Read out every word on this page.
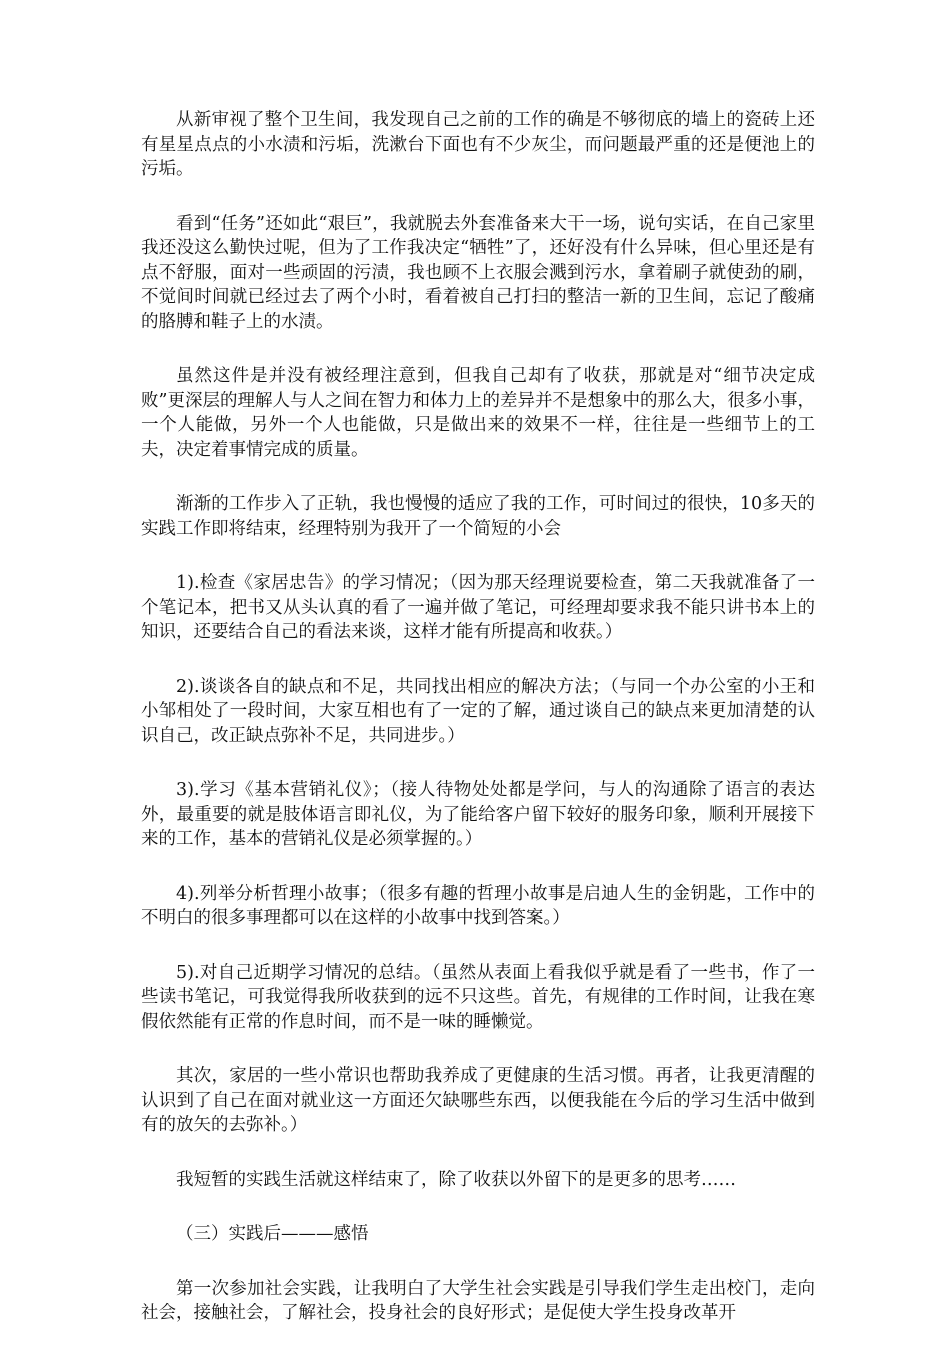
从新审视了整个卫生间，我发现自己之前的工作的确是不够彻底的墙上的瓷砖上还有星星点点的小水渍和污垢，洗漱台下面也有不少灰尘，而问题最严重的还是便池上的污垢。

看到“任务”还如此“艰巨”，我就脱去外套准备来大干一场，说句实话，在自己家里我还没这么勤快过呢，但为了工作我决定“牺牲”了，还好没有什么异味，但心里还是有点不舒服，面对一些顽固的污渍，我也顾不上衣服会溅到污水，拿着刷子就使劲的刷，不觉间时间就已经过去了两个小时，看着被自己打扫的整洁一新的卫生间，忘记了酸痛的胳膊和鞋子上的水渍。

虽然这件是并没有被经理注意到，但我自己却有了收获，那就是对“细节决定成败”更深层的理解人与人之间在智力和体力上的差异并不是想象中的那么大，很多小事，一个人能做，另外一个人也能做，只是做出来的效果不一样，往往是一些细节上的工夫，决定着事情完成的质量。

渐渐的工作步入了正轨，我也慢慢的适应了我的工作，可时间过的很快，10多天的实践工作即将结束，经理特别为我开了一个简短的小会

1).检查《家居忠告》的学习情况；（因为那天经理说要检查，第二天我就准备了一个笔记本，把书又从头认真的看了一遍并做了笔记，可经理却要求我不能只讲书本上的知识，还要结合自己的看法来谈，这样才能有所提高和收获。）

2).谈谈各自的缺点和不足，共同找出相应的解决方法；（与同一个办公室的小王和小邹相处了一段时间，大家互相也有了一定的了解，通过谈自己的缺点来更加清楚的认识自己，改正缺点弥补不足，共同进步。）

3).学习《基本营销礼仪》；（接人待物处处都是学问，与人的沟通除了语言的表达外，最重要的就是肢体语言即礼仪，为了能给客户留下较好的服务印象，顺利开展接下来的工作，基本的营销礼仪是必须掌握的。）

4).列举分析哲理小故事；（很多有趣的哲理小故事是启迪人生的金钥匙，工作中的不明白的很多事理都可以在这样的小故事中找到答案。）

5).对自己近期学习情况的总结。（虽然从表面上看我似乎就是看了一些书，作了一些读书笔记，可我觉得我所收获到的远不只这些。首先，有规律的工作时间，让我在寒假依然能有正常的作息时间，而不是一味的睡懒觉。

其次，家居的一些小常识也帮助我养成了更健康的生活习惯。再者，让我更清醒的认识到了自己在面对就业这一方面还欠缺哪些东西，以便我能在今后的学习生活中做到有的放矢的去弥补。）

我短暂的实践生活就这样结束了，除了收获以外留下的是更多的思考……

（三）实践后———感悟

第一次参加社会实践，让我明白了大学生社会实践是引导我们学生走出校门，走向社会，接触社会，了解社会，投身社会的良好形式；是促使大学生投身改革开
